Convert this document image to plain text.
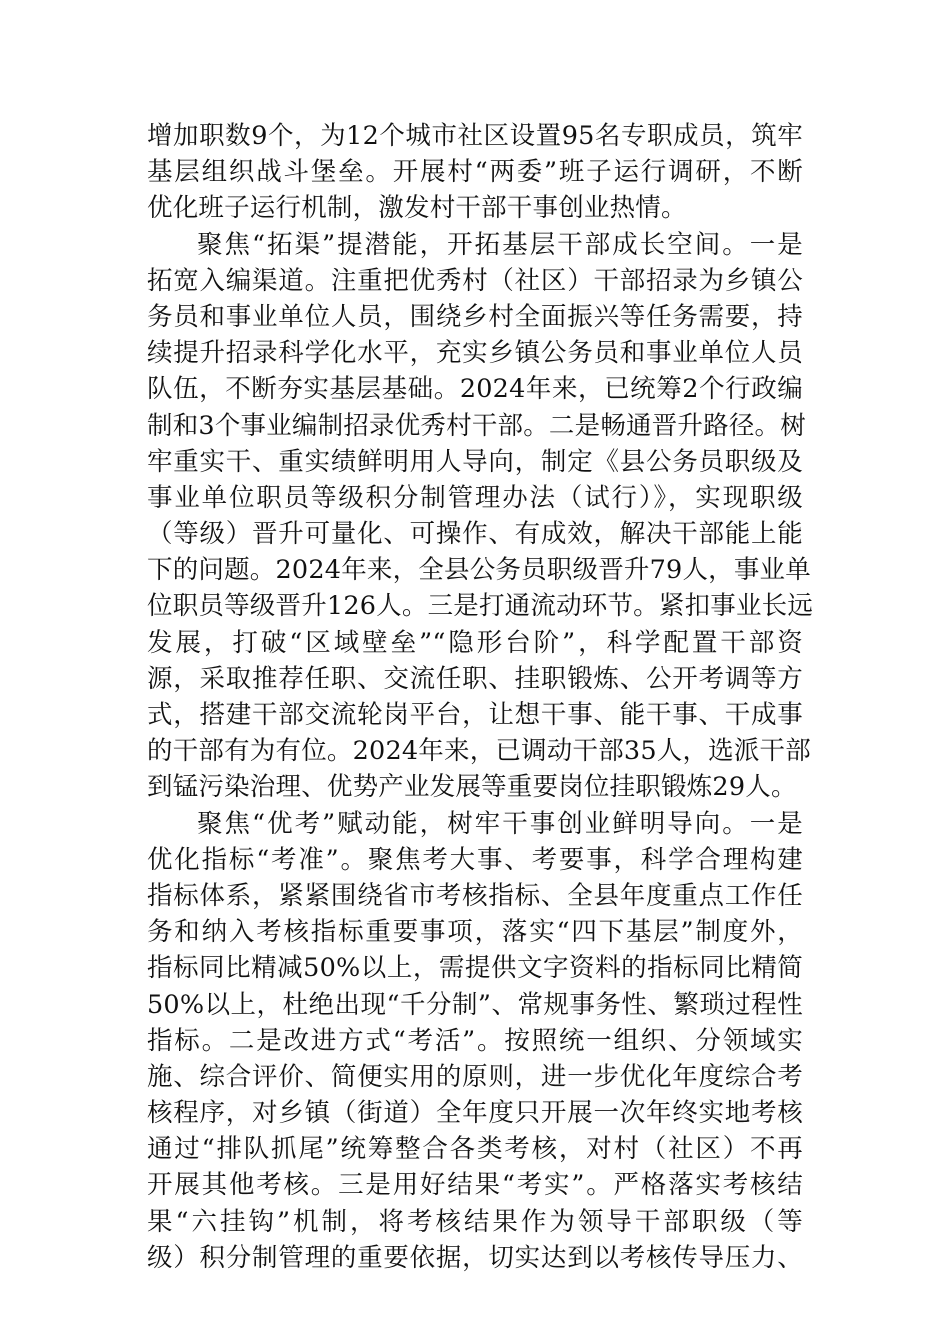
增加职数9个，为12个城市社区设置95名专职成员，筑牢
基层组织战斗堡垒。开展村“两委”班子运行调研，不断
优化班子运行机制，激发村干部干事创业热情。
聚焦“拓渠”提潜能，开拓基层干部成长空间。一是
拓宽入编渠道。注重把优秀村（社区）干部招录为乡镇公
务员和事业单位人员，围绕乡村全面振兴等任务需要，持
续提升招录科学化水平，充实乡镇公务员和事业单位人员
队伍，不断夯实基层基础。2024年来，已统筹2个行政编
制和3个事业编制招录优秀村干部。二是畅通晋升路径。树
牢重实干、重实绩鲜明用人导向，制定《县公务员职级及
事业单位职员等级积分制管理办法（试行）》，实现职级
（等级）晋升可量化、可操作、有成效，解决干部能上能
下的问题。2024年来，全县公务员职级晋升79人，事业单
位职员等级晋升126人。三是打通流动环节。紧扣事业长远
发展，打破“区域壁垒”“隐形台阶”，科学配置干部资
源，采取推荐任职、交流任职、挂职锻炼、公开考调等方
式，搭建干部交流轮岗平台，让想干事、能干事、干成事
的干部有为有位。2024年来，已调动干部35人，选派干部
到锰污染治理、优势产业发展等重要岗位挂职锻炼29人。
聚焦“优考”赋动能，树牢干事创业鲜明导向。一是
优化指标“考准”。聚焦考大事、考要事，科学合理构建
指标体系，紧紧围绕省市考核指标、全县年度重点工作任
务和纳入考核指标重要事项，落实“四下基层”制度外，
指标同比精减50%以上，需提供文字资料的指标同比精简
50%以上，杜绝出现“千分制”、常规事务性、繁琐过程性
指标。二是改进方式“考活”。按照统一组织、分领域实
施、综合评价、简便实用的原则，进一步优化年度综合考
核程序，对乡镇（街道）全年度只开展一次年终实地考核
通过“排队抓尾”统筹整合各类考核，对村（社区）不再
开展其他考核。三是用好结果“考实”。严格落实考核结
果“六挂钩”机制，将考核结果作为领导干部职级（等
级）积分制管理的重要依据，切实达到以考核传导压力、
